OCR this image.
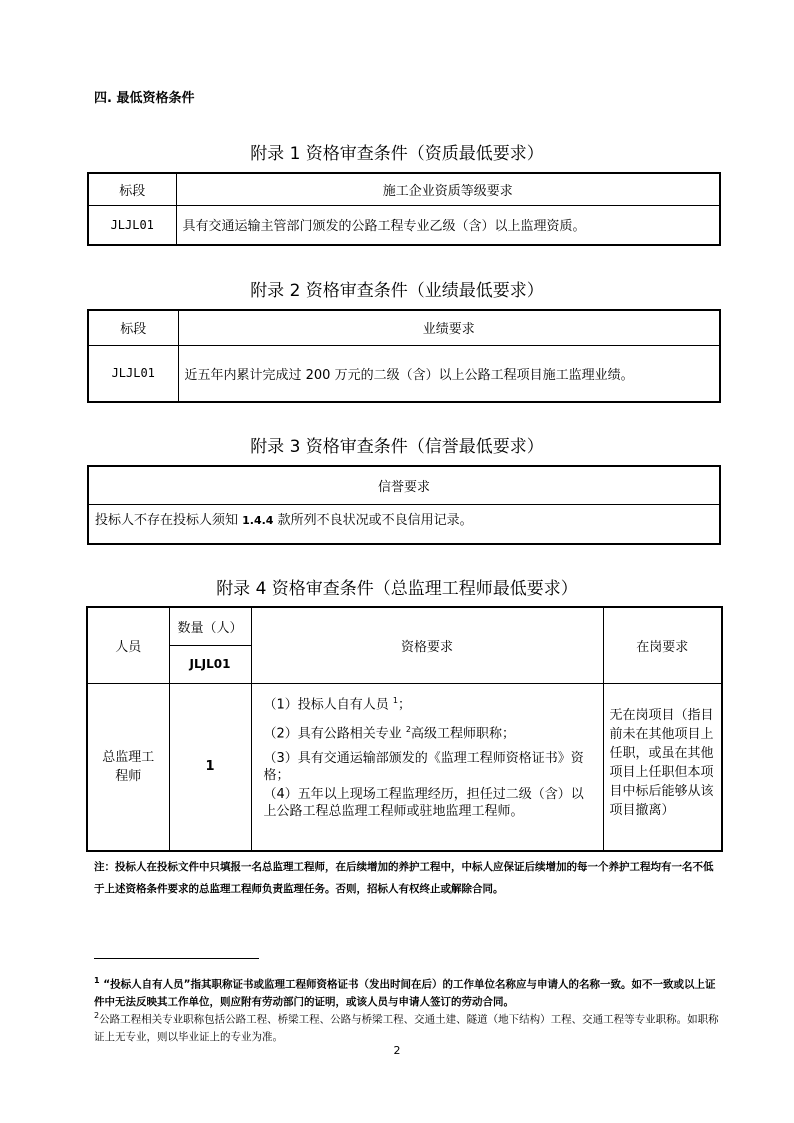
四. 最低资格条件
附录 1 资格审查条件（资质最低要求）
标段	施工企业资质等级要求
JLJL01	具有交通运输主管部门颁发的公路工程专业乙级（含）以上监理资质。
附录 2 资格审查条件（业绩最低要求）
标段	业绩要求
JLJL01	近五年内累计完成过 200 万元的二级（含）以上公路工程项目施工监理业绩。
附录 3 资格审查条件（信誉最低要求）
信誉要求
投标人不存在投标人须知 1.4.4 款所列不良状况或不良信用记录。
附录 4 资格审查条件（总监理工程师最低要求）
人员	数量（人）	资格要求	在岗要求
	JLJL01		
总监理工程师	1	（1）投标人自有人员 $^1$；

（2）具有公路相关专业 $^2$高级工程师职称；

（3）具有交通运输部颁发的《监理工程师资格证书》资格；

（4）五年以上现场工程监理经历，担任过二级（含）以上公路工程总监理工程师或驻地监理工程师。	无在岗项目（指目前未在其他项目上任职，或虽在其他项目上任职但本项目中标后能够从该项目撤离）
注：投标人在投标文件中只填报一名总监理工程师，在后续增加的养护工程中，中标人应保证后续增加的每一个养护工程均有一名不低于上述资格条件要求的总监理工程师负责监理任务。否则，招标人有权终止或解除合同。
$^1$ “投标人自有人员”指其职称证书或监理工程师资格证书（发出时间在后）的工作单位名称应与申请人的名称一致。如不一致或以上证件中无法反映其工作单位，则应附有劳动部门的证明，或该人员与申请人签订的劳动合同。
$^2$公路工程相关专业职称包括公路工程、桥梁工程、公路与桥梁工程、交通土建、隧道（地下结构）工程、交通工程等专业职称。如职称证上无专业，则以毕业证上的专业为准。
2
